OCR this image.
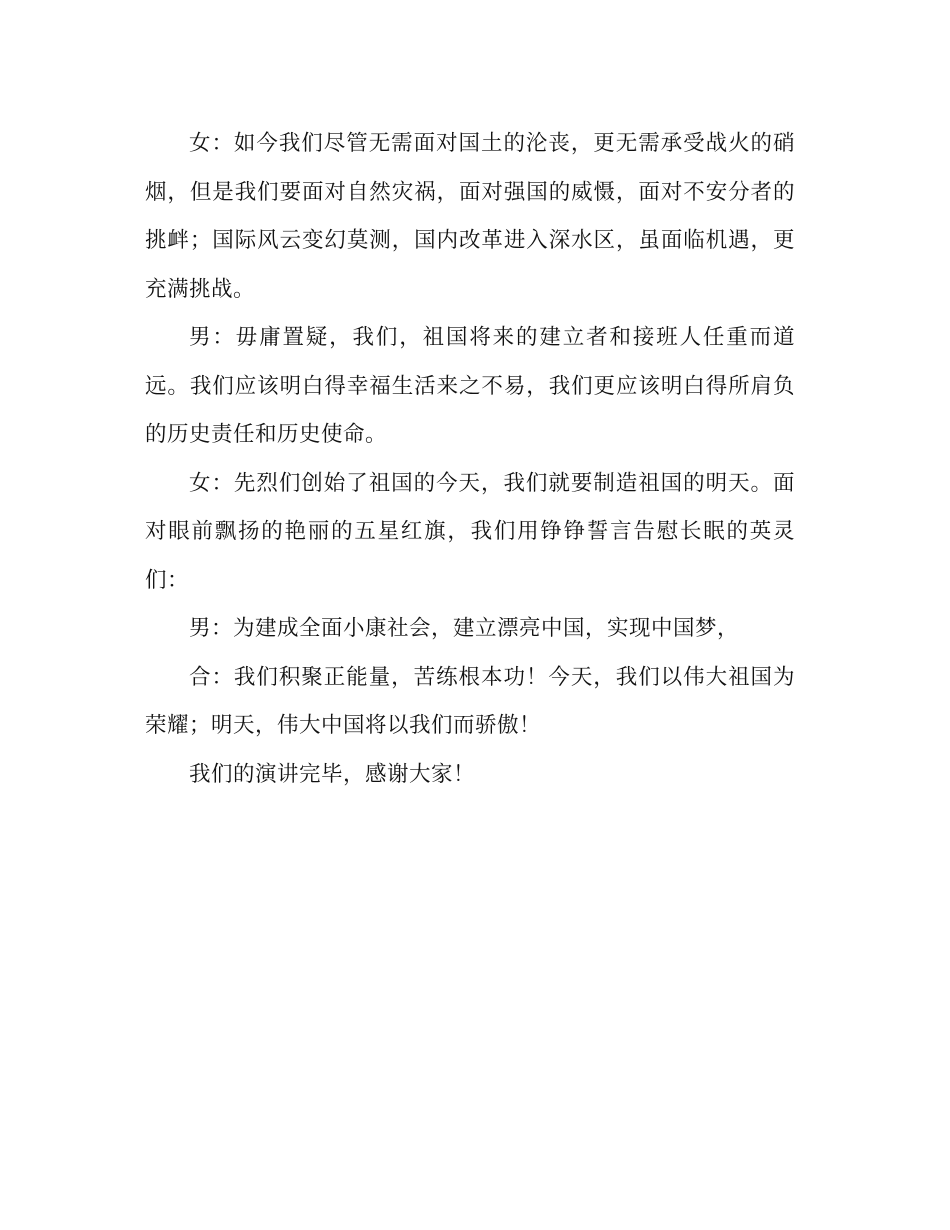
女：如今我们尽管无需面对国土的沦丧，更无需承受战火的硝烟，但是我们要面对自然灾祸，面对强国的威慑，面对不安分者的挑衅；国际风云变幻莫测，国内改革进入深水区，虽面临机遇，更充满挑战。

男：毋庸置疑，我们，祖国将来的建立者和接班人任重而道远。我们应该明白得幸福生活来之不易，我们更应该明白得所肩负的历史责任和历史使命。

女：先烈们创始了祖国的今天，我们就要制造祖国的明天。面对眼前飘扬的艳丽的五星红旗，我们用铮铮誓言告慰长眠的英灵们：

男：为建成全面小康社会，建立漂亮中国，实现中国梦，

合：我们积聚正能量，苦练根本功！今天，我们以伟大祖国为荣耀；明天，伟大中国将以我们而骄傲！

我们的演讲完毕，感谢大家！
